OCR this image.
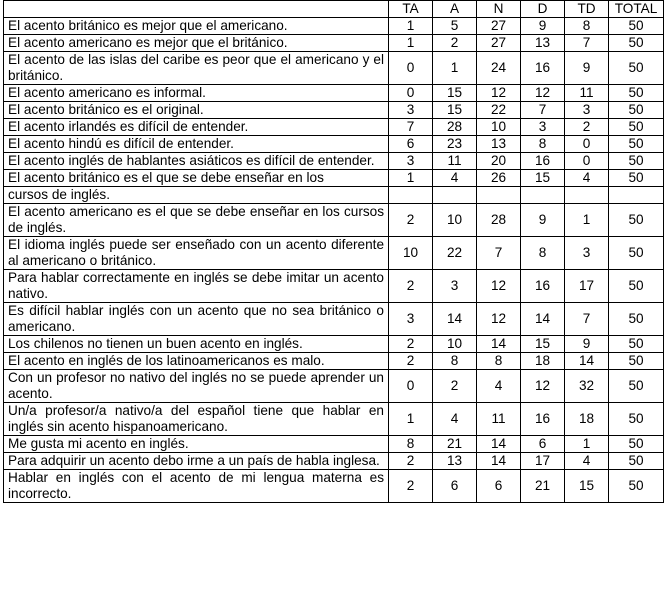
	TA	A	N	D	TD	TOTAL
El acento británico es mejor que el americano.	1	5	27	9	8	50
El acento americano es mejor que el británico.	1	2	27	13	7	50
El acento de las islas del caribe es peor que el americano y el británico.	0	1	24	16	9	50
El acento americano es informal.	0	15	12	12	11	50
El acento británico es el original.	3	15	22	7	3	50
El acento irlandés es difícil de entender.	7	28	10	3	2	50
El acento hindú es difícil de entender.	6	23	13	8	0	50
El acento inglés de hablantes asiáticos es difícil de entender.	3	11	20	16	0	50
El acento británico es el que se debe enseñar en los	1	4	26	15	4	50
cursos de inglés.						
El acento americano es el que se debe enseñar en los cursos de inglés.	2	10	28	9	1	50
El idioma inglés puede ser enseñado con un acento diferente al americano o británico.	10	22	7	8	3	50
Para hablar correctamente en inglés se debe imitar un acento nativo.	2	3	12	16	17	50
Es difícil hablar inglés con un acento que no sea británico o americano.	3	14	12	14	7	50
Los chilenos no tienen un buen acento en inglés.	2	10	14	15	9	50
El acento en inglés de los latinoamericanos es malo.	2	8	8	18	14	50
Con un profesor no nativo del inglés no se puede aprender un acento.	0	2	4	12	32	50
Un/a profesor/a nativo/a del español tiene que hablar en inglés sin acento hispanoamericano.	1	4	11	16	18	50
Me gusta mi acento en inglés.	8	21	14	6	1	50
Para adquirir un acento debo irme a un país de habla inglesa.	2	13	14	17	4	50
Hablar en inglés con el acento de mi lengua materna es incorrecto.	2	6	6	21	15	50
